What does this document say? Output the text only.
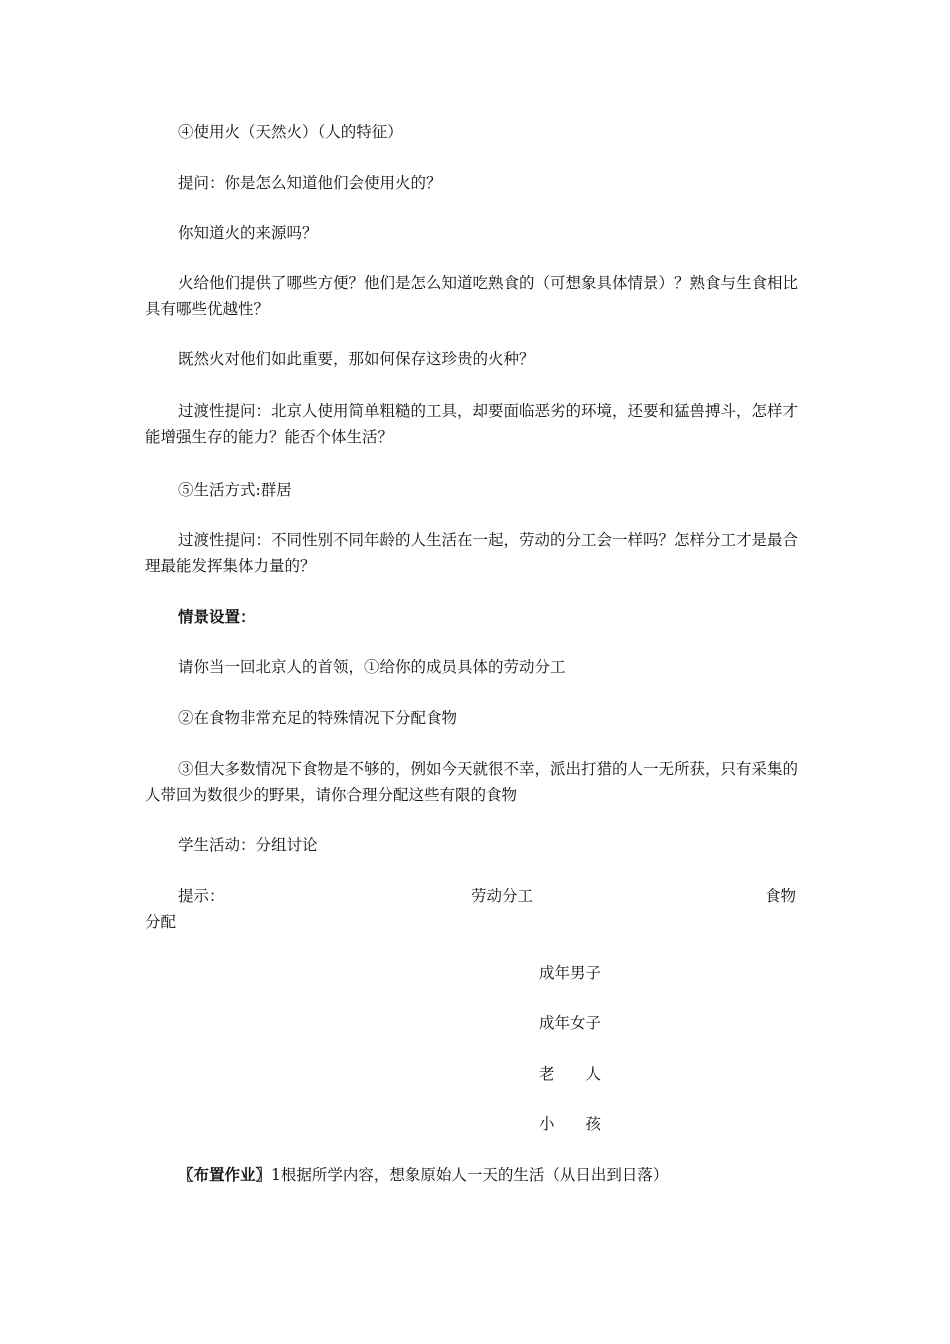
④使用火（天然火）（人的特征）

提问：你是怎么知道他们会使用火的？

你知道火的来源吗？

火给他们提供了哪些方便？他们是怎么知道吃熟食的（可想象具体情景）？熟食与生食相比具有哪些优越性？

既然火对他们如此重要，那如何保存这珍贵的火种？

过渡性提问：北京人使用简单粗糙的工具，却要面临恶劣的环境，还要和猛兽搏斗，怎样才能增强生存的能力？能否个体生活？

⑤生活方式:群居

过渡性提问：不同性别不同年龄的人生活在一起，劳动的分工会一样吗？怎样分工才是最合理最能发挥集体力量的？

情景设置：

请你当一回北京人的首领，①给你的成员具体的劳动分工

②在食物非常充足的特殊情况下分配食物

③但大多数情况下食物是不够的，例如今天就很不幸，派出打猎的人一无所获，只有采集的人带回为数很少的野果，请你合理分配这些有限的食物

学生活动：分组讨论

提示：	劳动分工	食物
分配
成年男子
成年女子
老　　人
小　　孩
〖布置作业〗1根据所学内容，想象原始人一天的生活（从日出到日落）
